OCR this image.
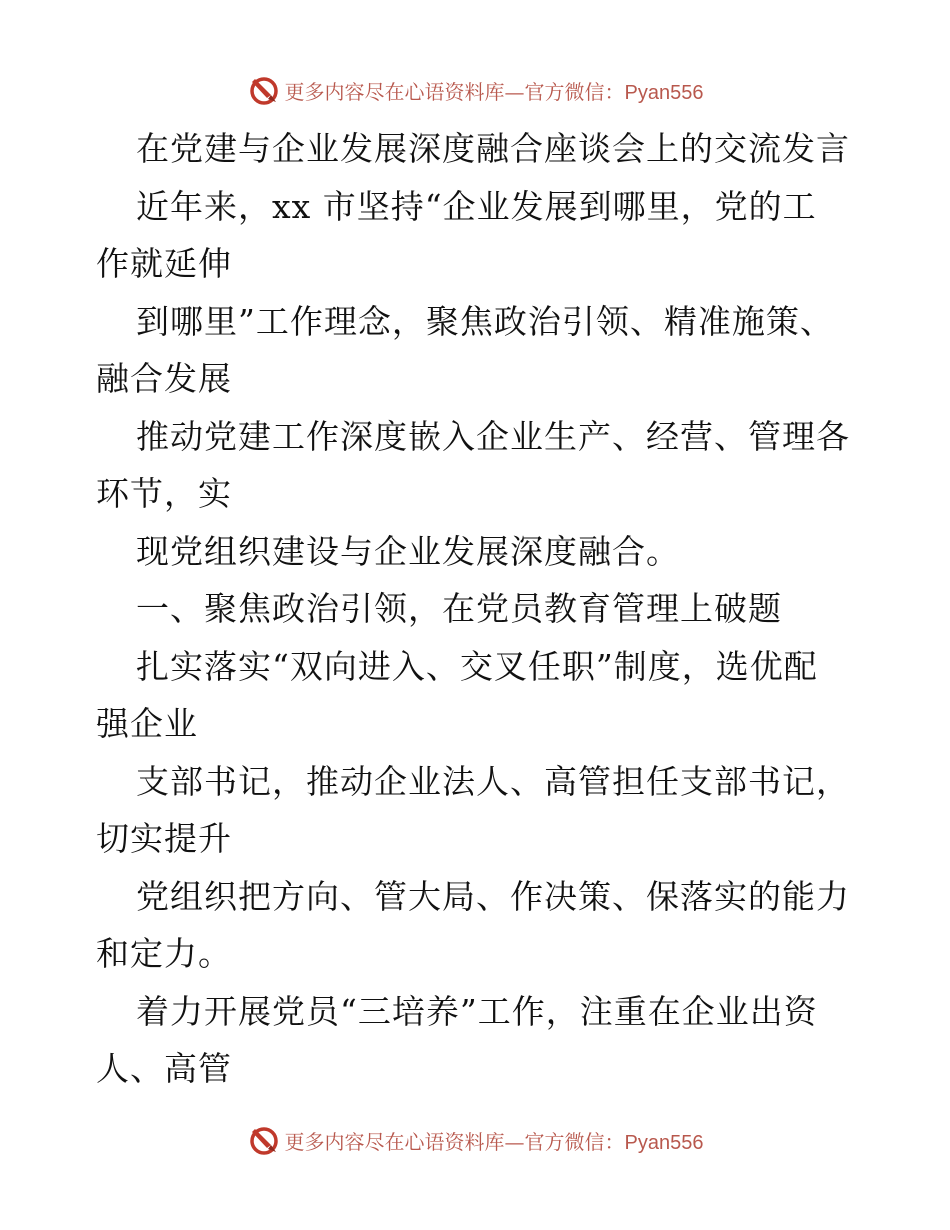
更多内容尽在心语资料库—官方微信：Pyan556
在党建与企业发展深度融合座谈会上的交流发言
近年来，xx 市坚持“企业发展到哪里，党的工
作就延伸
到哪里”工作理念，聚焦政治引领、精准施策、
融合发展
推动党建工作深度嵌入企业生产、经营、管理各
环节，实
现党组织建设与企业发展深度融合。
一、聚焦政治引领，在党员教育管理上破题
扎实落实“双向进入、交叉任职”制度，选优配
强企业
支部书记，推动企业法人、高管担任支部书记，
切实提升
党组织把方向、管大局、作决策、保落实的能力
和定力。
着力开展党员“三培养”工作，注重在企业出资
人、高管
更多内容尽在心语资料库—官方微信：Pyan556
